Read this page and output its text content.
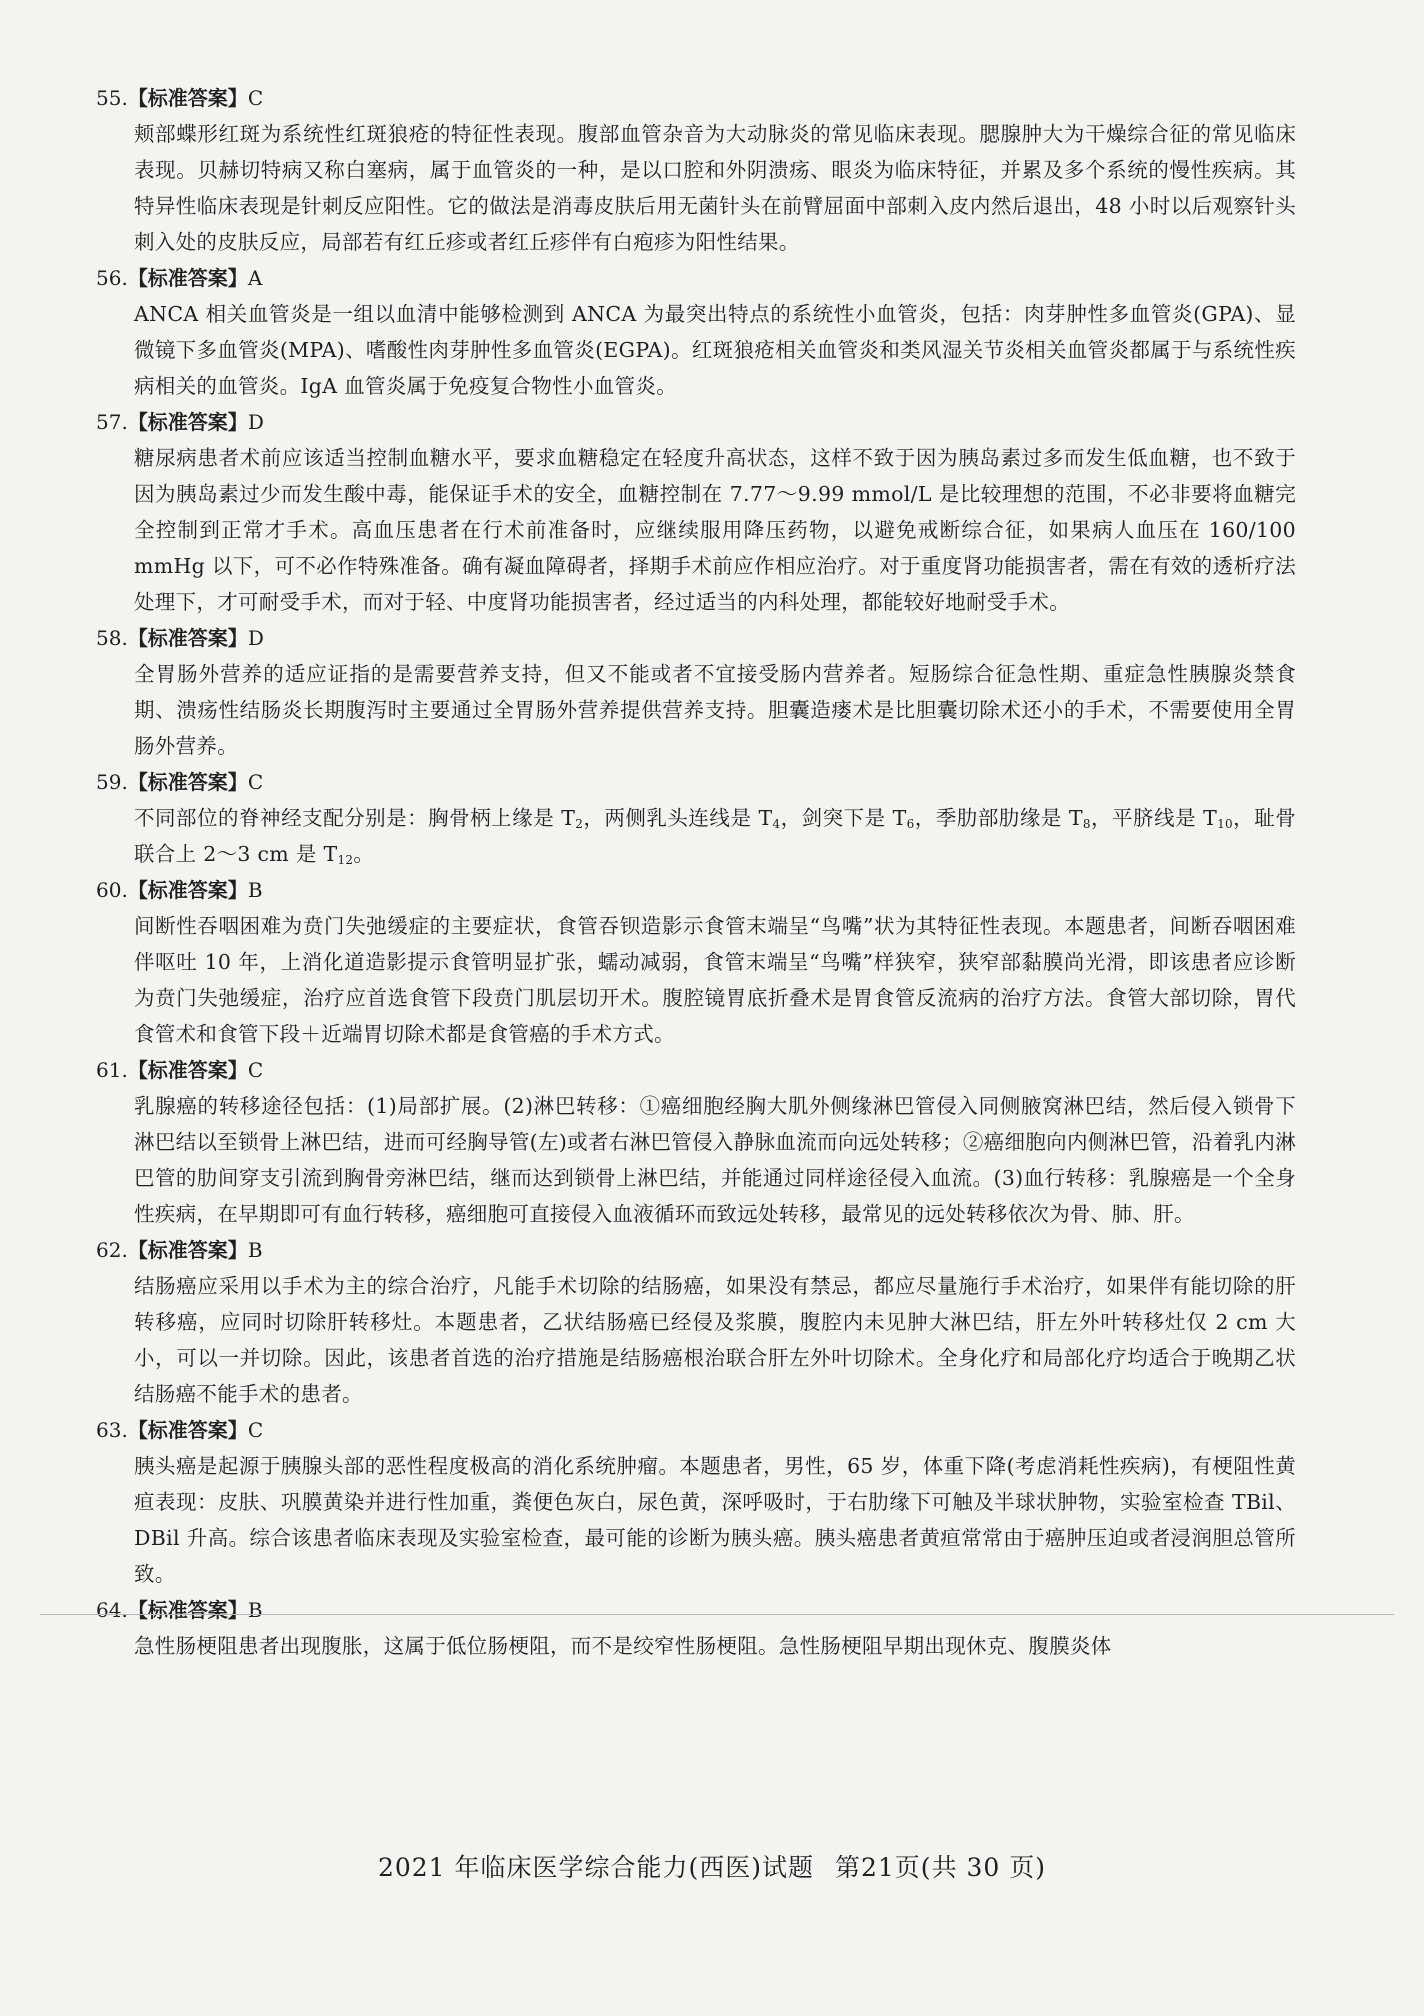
55.【标准答案】C
颊部蝶形红斑为系统性红斑狼疮的特征性表现。腹部血管杂音为大动脉炎的常见临床表现。腮腺肿大为干燥综合征的常见临床表现。贝赫切特病又称白塞病，属于血管炎的一种，是以口腔和外阴溃疡、眼炎为临床特征，并累及多个系统的慢性疾病。其特异性临床表现是针刺反应阳性。它的做法是消毒皮肤后用无菌针头在前臂屈面中部刺入皮内然后退出，48 小时以后观察针头刺入处的皮肤反应，局部若有红丘疹或者红丘疹伴有白疱疹为阳性结果。
56.【标准答案】A
ANCA 相关血管炎是一组以血清中能够检测到 ANCA 为最突出特点的系统性小血管炎，包括：肉芽肿性多血管炎(GPA)、显微镜下多血管炎(MPA)、嗜酸性肉芽肿性多血管炎(EGPA)。红斑狼疮相关血管炎和类风湿关节炎相关血管炎都属于与系统性疾病相关的血管炎。IgA 血管炎属于免疫复合物性小血管炎。
57.【标准答案】D
糖尿病患者术前应该适当控制血糖水平，要求血糖稳定在轻度升高状态，这样不致于因为胰岛素过多而发生低血糖，也不致于因为胰岛素过少而发生酸中毒，能保证手术的安全，血糖控制在 7.77～9.99 mmol/L 是比较理想的范围，不必非要将血糖完全控制到正常才手术。高血压患者在行术前准备时，应继续服用降压药物，以避免戒断综合征，如果病人血压在 160/100 mmHg 以下，可不必作特殊准备。确有凝血障碍者，择期手术前应作相应治疗。对于重度肾功能损害者，需在有效的透析疗法处理下，才可耐受手术，而对于轻、中度肾功能损害者，经过适当的内科处理，都能较好地耐受手术。
58.【标准答案】D
全胃肠外营养的适应证指的是需要营养支持，但又不能或者不宜接受肠内营养者。短肠综合征急性期、重症急性胰腺炎禁食期、溃疡性结肠炎长期腹泻时主要通过全胃肠外营养提供营养支持。胆囊造瘘术是比胆囊切除术还小的手术，不需要使用全胃肠外营养。
59.【标准答案】C
不同部位的脊神经支配分别是：胸骨柄上缘是 $T_2$，两侧乳头连线是 $T_4$，剑突下是 $T_6$，季肋部肋缘是 $T_8$，平脐线是 $T_{10}$，耻骨联合上 2～3 cm 是 $T_{12}$。
60.【标准答案】B
间断性吞咽困难为贲门失弛缓症的主要症状，食管吞钡造影示食管末端呈“鸟嘴”状为其特征性表现。本题患者，间断吞咽困难伴呕吐 10 年，上消化道造影提示食管明显扩张，蠕动减弱，食管末端呈“鸟嘴”样狭窄，狭窄部黏膜尚光滑，即该患者应诊断为贲门失弛缓症，治疗应首选食管下段贲门肌层切开术。腹腔镜胃底折叠术是胃食管反流病的治疗方法。食管大部切除，胃代食管术和食管下段＋近端胃切除术都是食管癌的手术方式。
61.【标准答案】C
乳腺癌的转移途径包括：(1)局部扩展。(2)淋巴转移：①癌细胞经胸大肌外侧缘淋巴管侵入同侧腋窝淋巴结，然后侵入锁骨下淋巴结以至锁骨上淋巴结，进而可经胸导管(左)或者右淋巴管侵入静脉血流而向远处转移；②癌细胞向内侧淋巴管，沿着乳内淋巴管的肋间穿支引流到胸骨旁淋巴结，继而达到锁骨上淋巴结，并能通过同样途径侵入血流。(3)血行转移：乳腺癌是一个全身性疾病，在早期即可有血行转移，癌细胞可直接侵入血液循环而致远处转移，最常见的远处转移依次为骨、肺、肝。
62.【标准答案】B
结肠癌应采用以手术为主的综合治疗，凡能手术切除的结肠癌，如果没有禁忌，都应尽量施行手术治疗，如果伴有能切除的肝转移癌，应同时切除肝转移灶。本题患者，乙状结肠癌已经侵及浆膜，腹腔内未见肿大淋巴结，肝左外叶转移灶仅 2 cm 大小，可以一并切除。因此，该患者首选的治疗措施是结肠癌根治联合肝左外叶切除术。全身化疗和局部化疗均适合于晚期乙状结肠癌不能手术的患者。
63.【标准答案】C
胰头癌是起源于胰腺头部的恶性程度极高的消化系统肿瘤。本题患者，男性，65 岁，体重下降(考虑消耗性疾病)，有梗阻性黄疸表现：皮肤、巩膜黄染并进行性加重，粪便色灰白，尿色黄，深呼吸时，于右肋缘下可触及半球状肿物，实验室检查 TBil、DBil 升高。综合该患者临床表现及实验室检查，最可能的诊断为胰头癌。胰头癌患者黄疸常常由于癌肿压迫或者浸润胆总管所致。
64.【标准答案】B
急性肠梗阻患者出现腹胀，这属于低位肠梗阻，而不是绞窄性肠梗阻。急性肠梗阻早期出现休克、腹膜炎体
2021 年临床医学综合能力(西医)试题 第21页(共 30 页)
